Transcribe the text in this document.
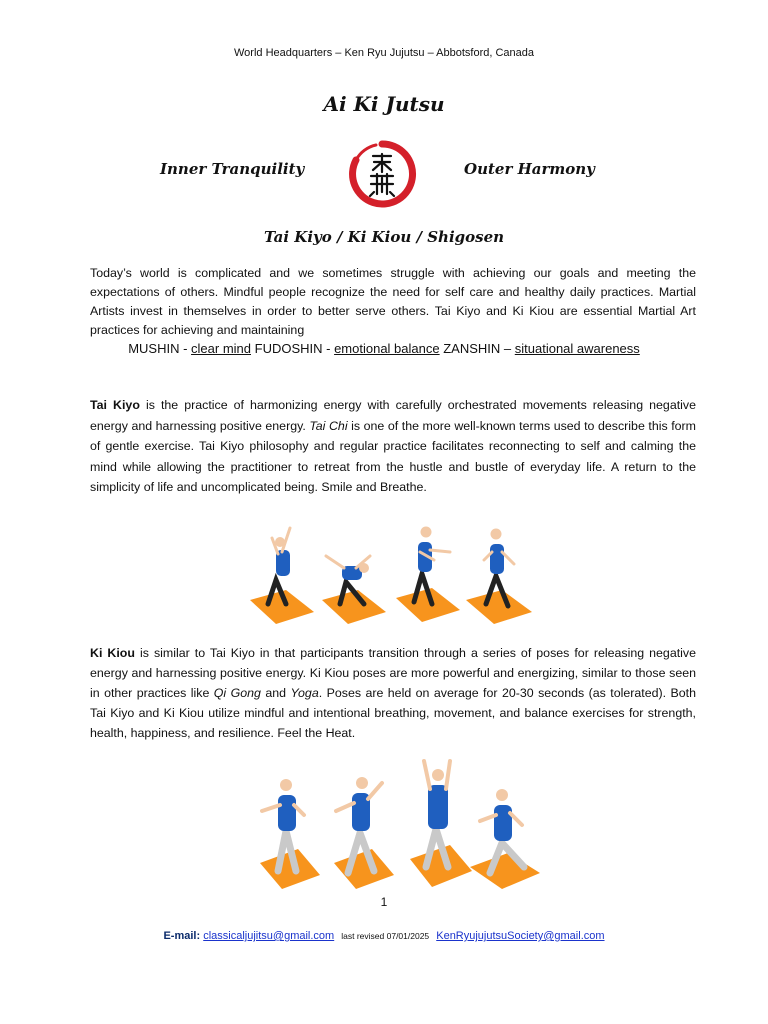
World Headquarters – Ken Ryu Jujutsu – Abbotsford, Canada
Ai Ki Jutsu
Inner Tranquility	Outer Harmony
Tai Kiyo / Ki Kiou / Shigosen
Today’s world is complicated and we sometimes struggle with achieving our goals and meeting the expectations of others. Mindful people recognize the need for self care and healthy daily practices. Martial Artists invest in themselves in order to better serve others. Tai Kiyo and Ki Kiou are essential Martial Art practices for achieving and maintaining
MUSHIN - clear mind FUDOSHIN - emotional balance ZANSHIN – situational awareness
Tai Kiyo is the practice of harmonizing energy with carefully orchestrated movements releasing negative energy and harnessing positive energy. Tai Chi is one of the more well-known terms used to describe this form of gentle exercise. Tai Kiyo philosophy and regular practice facilitates reconnecting to self and calming the mind while allowing the practitioner to retreat from the hustle and bustle of everyday life. A return to the simplicity of life and uncomplicated being. Smile and Breathe.
Ki Kiou is similar to Tai Kiyo in that participants transition through a series of poses for releasing negative energy and harnessing positive energy. Ki Kiou poses are more powerful and energizing, similar to those seen in other practices like Qi Gong and Yoga. Poses are held on average for 20-30 seconds (as tolerated). Both Tai Kiyo and Ki Kiou utilize mindful and intentional breathing, movement, and balance exercises for strength, health, happiness, and resilience. Feel the Heat.
1
E-mail: classicaljujitsu@gmail.com last revised 07/01/2025 KenRyujujutsuSociety@gmail.com
